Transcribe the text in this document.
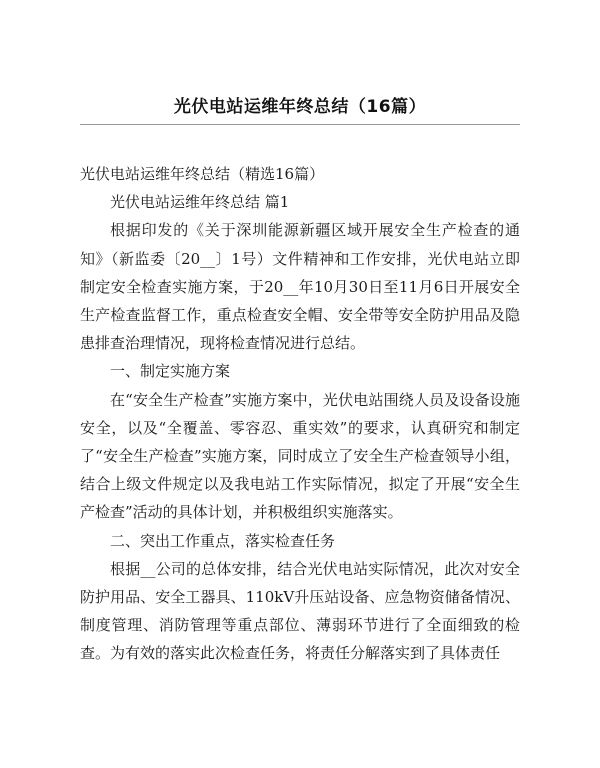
光伏电站运维年终总结（16篇）

光伏电站运维年终总结（精选16篇）

光伏电站运维年终总结 篇1

根据印发的《关于深圳能源新疆区域开展安全生产检查的通知》（新监委〔20__〕1号）文件精神和工作安排，光伏电站立即制定安全检查实施方案，于20__年10月30日至11月6日开展安全生产检查监督工作，重点检查安全帽、安全带等安全防护用品及隐患排查治理情况，现将检查情况进行总结。

一、制定实施方案

在“安全生产检查”实施方案中，光伏电站围绕人员及设备设施安全，以及“全覆盖、零容忍、重实效”的要求，认真研究和制定了“安全生产检查”实施方案，同时成立了安全生产检查领导小组，结合上级文件规定以及我电站工作实际情况，拟定了开展“安全生产检查”活动的具体计划，并积极组织实施落实。

二、突出工作重点，落实检查任务

根据__公司的总体安排，结合光伏电站实际情况，此次对安全防护用品、安全工器具、110kV升压站设备、应急物资储备情况、制度管理、消防管理等重点部位、薄弱环节进行了全面细致的检查。为有效的落实此次检查任务，将责任分解落实到了具体责任
